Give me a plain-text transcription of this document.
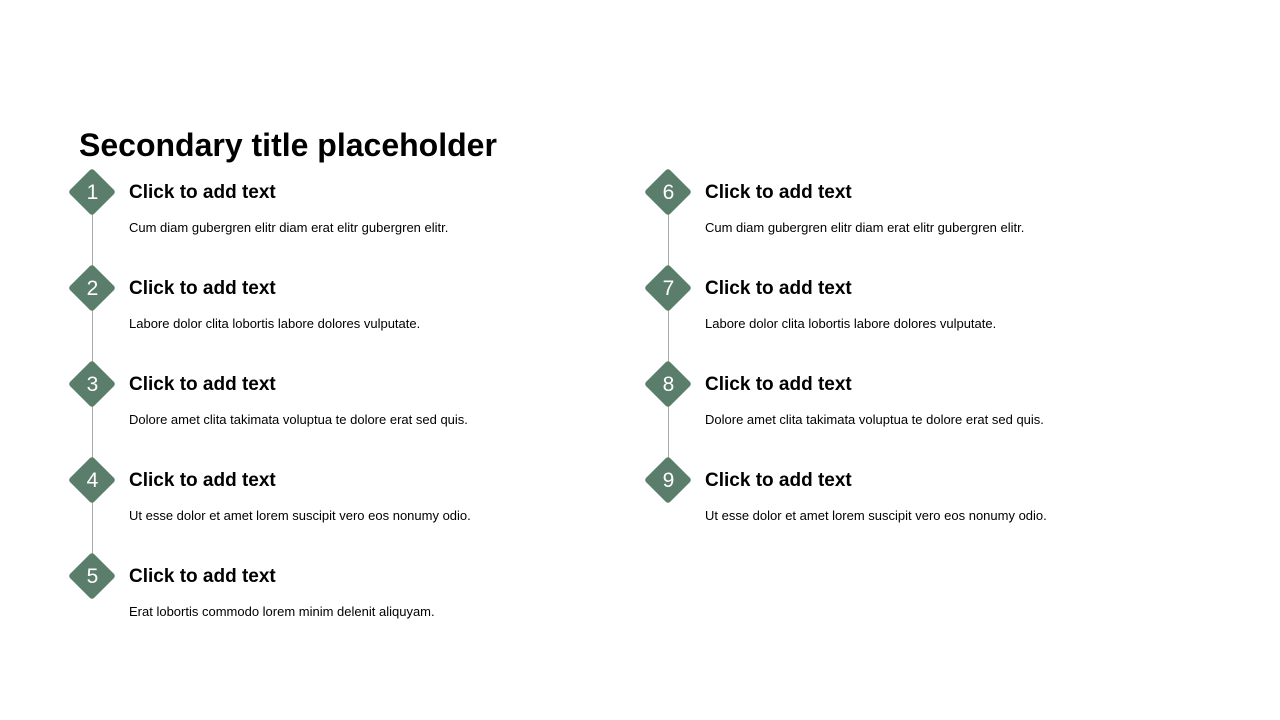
Secondary title placeholder
1	Click to add text
Cum diam gubergren elitr diam erat elitr gubergren elitr.
2	Click to add text
Labore dolor clita lobortis labore dolores vulputate.
3	Click to add text
Dolore amet clita takimata voluptua te dolore erat sed quis.
4	Click to add text
Ut esse dolor et amet lorem suscipit vero eos nonumy odio.
5	Click to add text
Erat lobortis commodo lorem minim delenit aliquyam.
6	Click to add text
Cum diam gubergren elitr diam erat elitr gubergren elitr.
7	Click to add text
Labore dolor clita lobortis labore dolores vulputate.
8	Click to add text
Dolore amet clita takimata voluptua te dolore erat sed quis.
9	Click to add text
Ut esse dolor et amet lorem suscipit vero eos nonumy odio.
